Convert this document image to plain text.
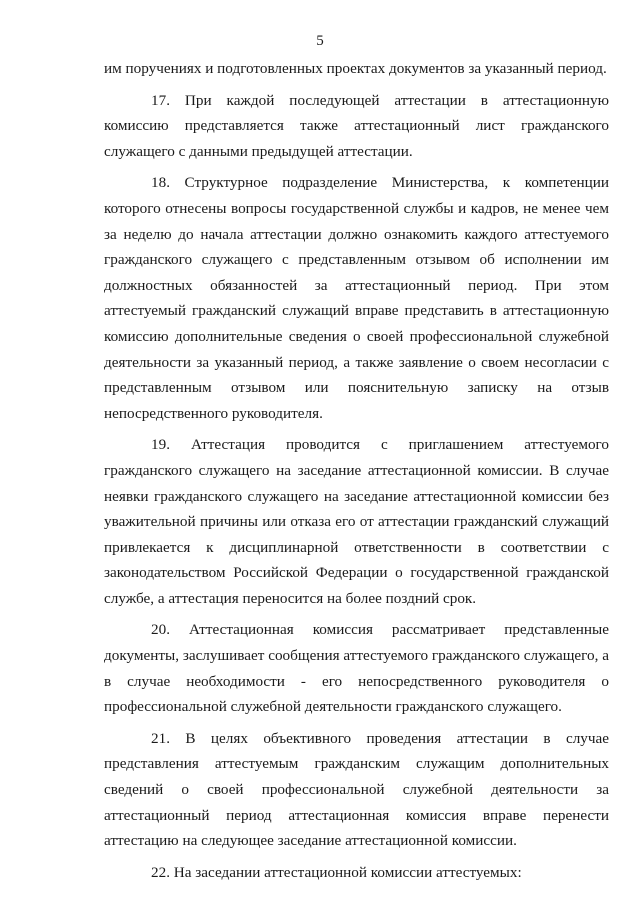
5

им поручениях и подготовленных проектах документов за указанный период.

17. При каждой последующей аттестации в аттестационную комиссию представляется также аттестационный лист гражданского служащего с данными предыдущей аттестации.

18. Структурное подразделение Министерства, к компетенции которого отнесены вопросы государственной службы и кадров, не менее чем за неделю до начала аттестации должно ознакомить каждого аттестуемого гражданского служащего с представленным отзывом об исполнении им должностных обязанностей за аттестационный период. При этом аттестуемый гражданский служащий вправе представить в аттестационную комиссию дополнительные сведения о своей профессиональной служебной деятельности за указанный период, а также заявление о своем несогласии с представленным отзывом или пояснительную записку на отзыв непосредственного руководителя.

19. Аттестация проводится с приглашением аттестуемого гражданского служащего на заседание аттестационной комиссии. В случае неявки гражданского служащего на заседание аттестационной комиссии без уважительной причины или отказа его от аттестации гражданский служащий привлекается к дисциплинарной ответственности в соответствии с законодательством Российской Федерации о государственной гражданской службе, а аттестация переносится на более поздний срок.

20. Аттестационная комиссия рассматривает представленные документы, заслушивает сообщения аттестуемого гражданского служащего, а в случае необходимости - его непосредственного руководителя о профессиональной служебной деятельности гражданского служащего.

21. В целях объективного проведения аттестации в случае представления аттестуемым гражданским служащим дополнительных сведений о своей профессиональной служебной деятельности за аттестационный период аттестационная комиссия вправе перенести аттестацию на следующее заседание аттестационной комиссии.

22. На заседании аттестационной комиссии аттестуемых:
